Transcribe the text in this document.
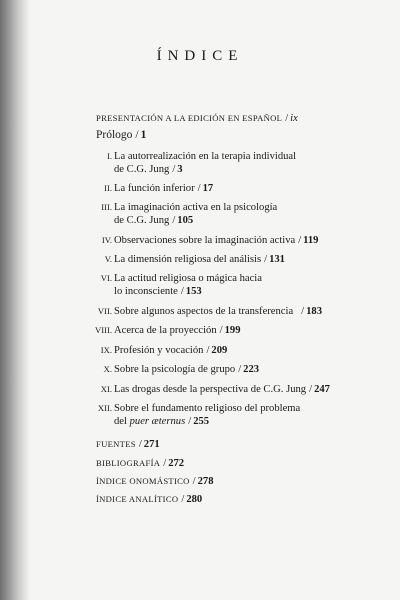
ÍNDICE
PRESENTACIÓN A LA EDICIÓN EN ESPAÑOL / ix
Prólogo / 1
I. La autorrealización en la terapia individual
de C.G. Jung / 3
II. La función inferior / 17
III. La imaginación activa en la psicología
de C.G. Jung / 105
IV. Observaciones sobre la imaginación activa / 119
V. La dimensión religiosa del análisis / 131
VI. La actitud religiosa o mágica hacia
lo inconsciente / 153
VII. Sobre algunos aspectos de la transferencia / 183
VIII. Acerca de la proyección / 199
IX. Profesión y vocación / 209
X. Sobre la psicología de grupo / 223
XI. Las drogas desde la perspectiva de C.G. Jung / 247
XII. Sobre el fundamento religioso del problema
del puer æternus / 255
FUENTES / 271
BIBLIOGRAFÍA / 272
ÍNDICE ONOMÁSTICO / 278
ÍNDICE ANALÍTICO / 280
